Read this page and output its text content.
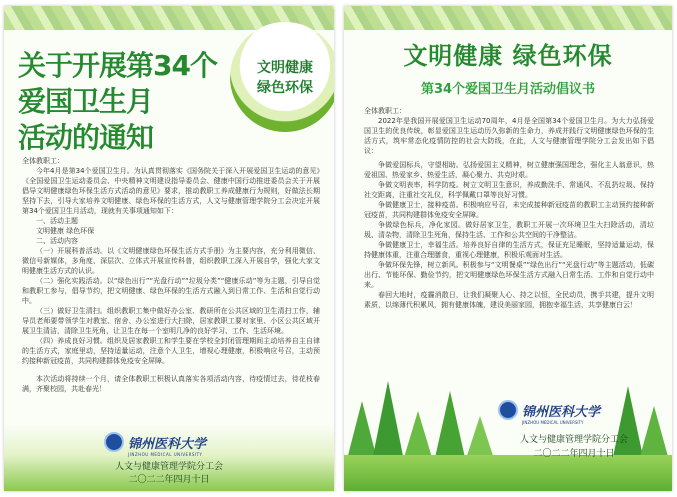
关于开展第34个
爱国卫生月
活动的通知
第34个爱国卫生月
文明健康
绿色环保
全体教职工：
今年4月是第34个爱国卫生月。为认真贯彻落实《国务院关于深入开展爱国卫生运动的意见》《全国爱国卫生运动委员会、中央精神文明建设指导委员会、健康中国行动推进委员会关于开展倡导文明健康绿色环保生活方式活动的意见》要求，推动教职工养成健康行为规则，好做法长期坚持下去，引导大家培养文明健康、绿色环保的生活方式，人文与健康管理学院分工会决定开展第34个爱国卫生月活动，现就有关事项通知如下：
一、活动主题
文明健康 绿色环保
二、活动内容
（一）开展科普活动。以《文明健康绿色环保生活方式手册》为主要内容，充分利用微信、微信号新媒体，多角度、深层次、立体式开展宣传科普，组织教职工深入开展自学，强化大家文明健康生活方式的认识。
（二）强化实践活动。以“绿色出行”“光盘行动”“垃圾分类”“健康乐动”等为主题，引导自觉和教职工参与，倡导节约，把文明健康、绿色环保的生活方式融入到日常工作、生活和自觉行动中。
（三）做好卫生清扫。组织教职工集中做好办公室、教研所在公共区域的卫生清扫工作，辅导员老师要带领学生对教室、宿舍、办公室进行大扫除，居家教职工要对家里、小区公共区域开展卫生清洁，清除卫生死角，让卫生在每一个室明几净的良好学习、工作、生活环境。
（四）养成良好习惯。组织及居家教职工和学生要在学校全封闭管理期间主动培养自主自律的生活方式，家庭里动，坚持适量运动，注意个人卫生，增视心理健康，积极响应号召，主动预约接种新冠疫苗，共同构建群体免疫安全屏障。
本次活动将持续一个月，请全体教职工积极认真落实各项活动内容，待疫情过去，待花枝春满，齐聚校园，共赴春光！
锦州医科大学
JINZHOU MEDICAL UNIVERSITY
人文与健康管理学院分工会
二〇二二年四月十日
文明健康 绿色环保
第34个爱国卫生月活动倡议书
全体教职工：
2022年是我国开展爱国卫生运动70周年，4月是全国第34个爱国卫生月。为大力弘扬爱国卫生的优良传统，彰显爱国卫生运动历久弥新的生命力，养成并践行文明健康绿色环保的生活方式，筑牢常态化疫情防控的社会大防线，在此，人文与健康管理学院分工会发出如下倡议：
争做爱国标兵，守望相助。弘扬爱国主义精神，树立健康强国理念，强化主人翁意识，热爱祖国、热爱家乡、热爱生活，凝心聚力、共克时艰。
争做文明表率，科学防疫。树立文明卫生意识，养成勤洗手、常通风、不乱扔垃圾、保持社交距离，注重社交礼仪，科学佩戴口罩等良好习惯。
争做健康卫士，接种疫苗。积极响应号召，未完成接种新冠疫苗的教职工主动预约接种新冠疫苗，共同构建群体免疫安全屏障。
争做绿色标兵，净化家园。做好居家卫生，教职工开展一次环境卫生大扫除活动，清垃圾、清杂物，清除卫生死角，保持生活、工作和公共空间的干净整洁。
争做健康卫士，幸福生活。培养良好自律的生活方式，保证充足睡眠，坚持适量运动，保持健康体重，注重合理膳食，重视心理健康，积极乐观面对生活。
争做环保先锋，树立新风。积极参与“文明餐桌”“绿色出行”“光盘行动”等主题活动，低碳出行、节能环保、勤俭节约，把文明健康绿色环保生活方式融入日常生活、工作和自觉行动中来。
春回大地时，疫霾消散日，让我们凝聚人心、持之以恒，全民动员，携手共建，提升文明素质，以绵薄代积累风，拥有健康体魄，建设美丽家园，拥抱幸福生活，共享健康白云！
锦州医科大学
JINZHOU MEDICAL UNIVERSITY
人文与健康管理学院分工会
二〇二二年四月十日
